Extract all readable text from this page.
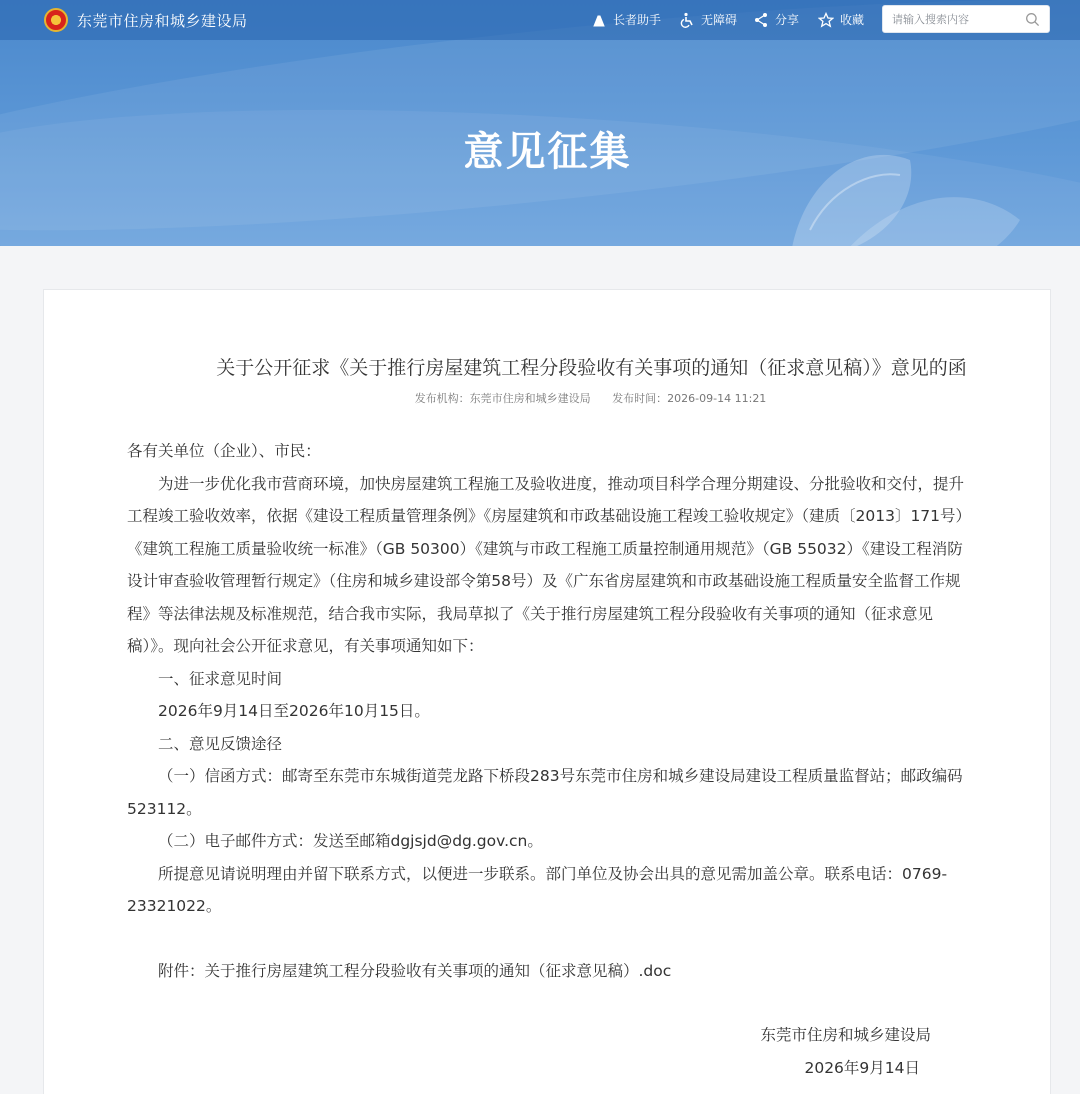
东莞市住房和城乡建设局	长者助手	无障碍	分享	收藏
请输入搜索内容
意见征集
关于公开征求《关于推行房屋建筑工程分段验收有关事项的通知（征求意见稿）》意见的函
发布机构：东莞市住房和城乡建设局 发布时间：2026-09-14 11:21

各有关单位（企业）、市民：

为进一步优化我市营商环境，加快房屋建筑工程施工及验收进度，推动项目科学合理分期建设、分批验收和交付，提升工程竣工验收效率，依据《建设工程质量管理条例》《房屋建筑和市政基础设施工程竣工验收规定》（建质〔2013〕171号）《建筑工程施工质量验收统一标准》（GB 50300）《建筑与市政工程施工质量控制通用规范》（GB 55032）《建设工程消防设计审查验收管理暂行规定》（住房和城乡建设部令第58号）及《广东省房屋建筑和市政基础设施工程质量安全监督工作规程》等法律法规及标准规范，结合我市实际，我局草拟了《关于推行房屋建筑工程分段验收有关事项的通知（征求意见稿）》。现向社会公开征求意见，有关事项通知如下：

一、征求意见时间

2026年9月14日至2026年10月15日。

二、意见反馈途径

（一）信函方式：邮寄至东莞市东城街道莞龙路下桥段283号东莞市住房和城乡建设局建设工程质量监督站；邮政编码523112。

（二）电子邮件方式：发送至邮箱dgjsjd@dg.gov.cn。

所提意见请说明理由并留下联系方式，以便进一步联系。部门单位及协会出具的意见需加盖公章。联系电话：0769-23321022。

附件：关于推行房屋建筑工程分段验收有关事项的通知（征求意见稿）.doc

东莞市住房和城乡建设局

2026年9月14日
